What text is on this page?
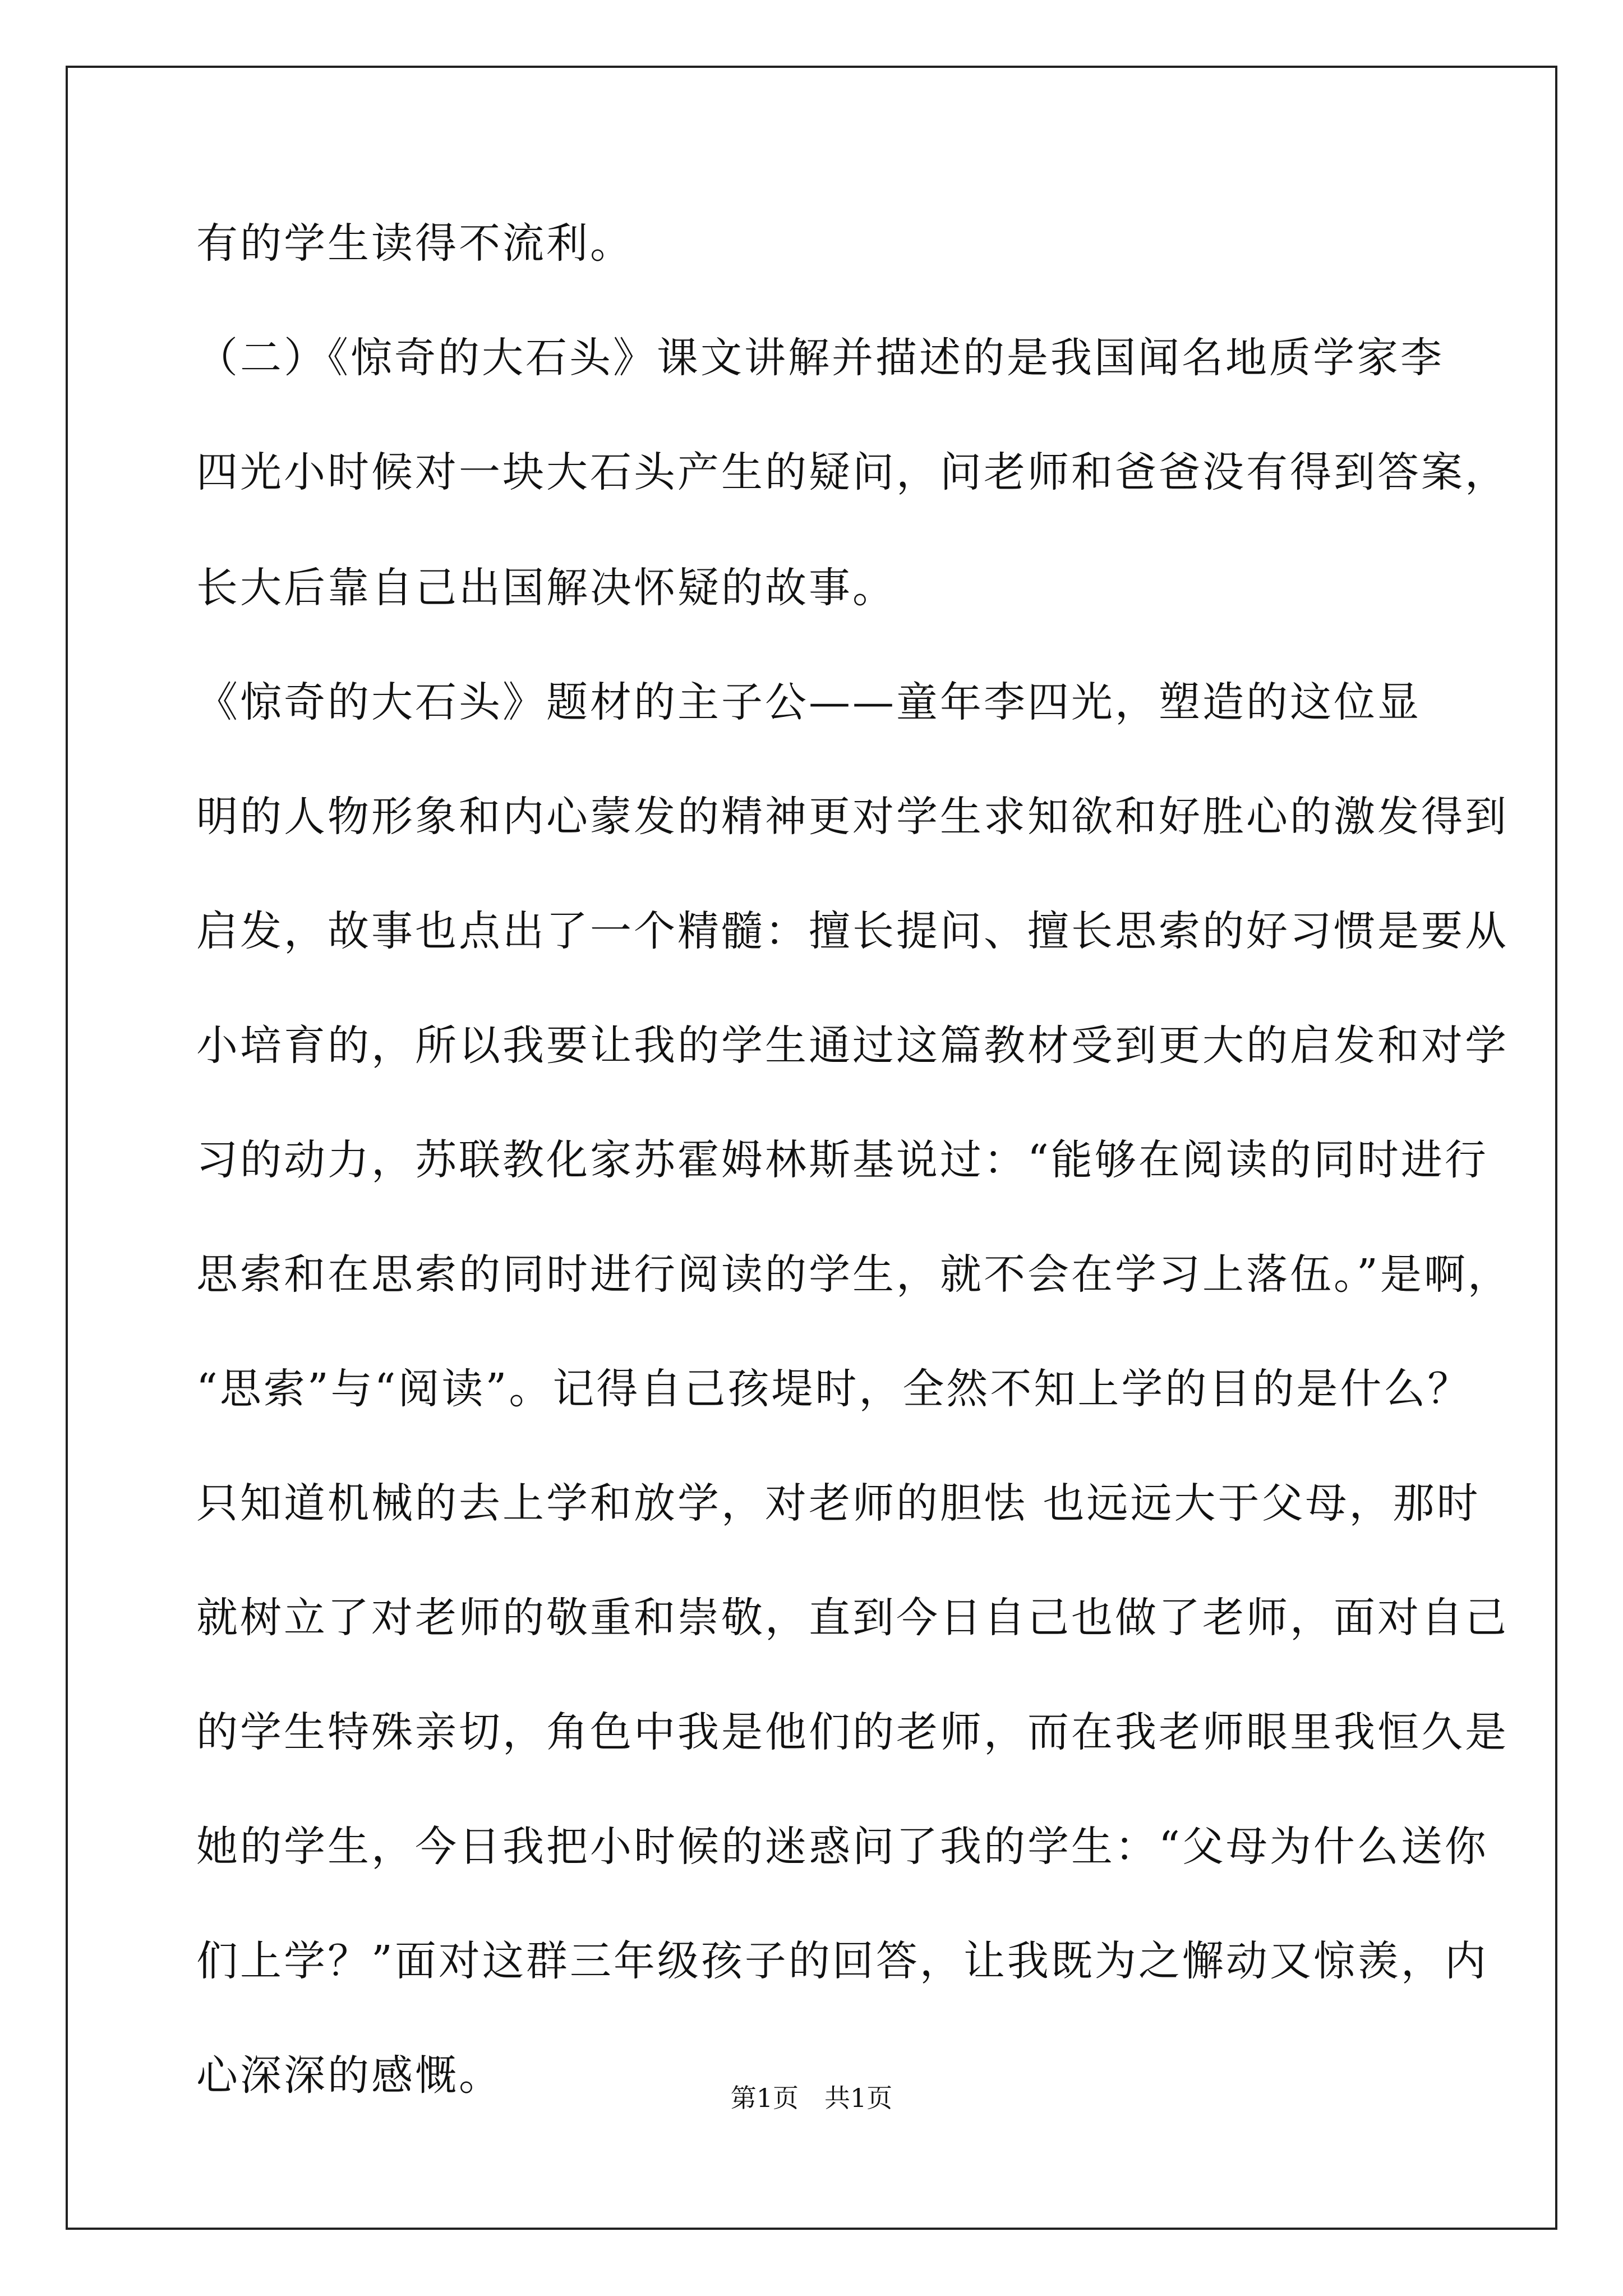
有的学生读得不流利。
（二）《惊奇的大石头》课文讲解并描述的是我国闻名地质学家李
四光小时候对一块大石头产生的疑问，问老师和爸爸没有得到答案，
长大后靠自己出国解决怀疑的故事。
《惊奇的大石头》题材的主子公——童年李四光，塑造的这位显
明的人物形象和内心蒙发的精神更对学生求知欲和好胜心的激发得到
启发，故事也点出了一个精髓：擅长提问、擅长思索的好习惯是要从
小培育的，所以我要让我的学生通过这篇教材受到更大的启发和对学
习的动力，苏联教化家苏霍姆林斯基说过：“能够在阅读的同时进行
思索和在思索的同时进行阅读的学生，就不会在学习上落伍。”是啊，
“思索”与“阅读”。记得自己孩堤时，全然不知上学的目的是什么？
只知道机械的去上学和放学，对老师的胆怯 也远远大于父母，那时
就树立了对老师的敬重和崇敬，直到今日自己也做了老师，面对自己
的学生特殊亲切，角色中我是他们的老师，而在我老师眼里我恒久是
她的学生，今日我把小时候的迷惑问了我的学生：“父母为什么送你
们上学？”面对这群三年级孩子的回答，让我既为之懈动又惊羡，内
心深深的感慨。	第1页　共1页
